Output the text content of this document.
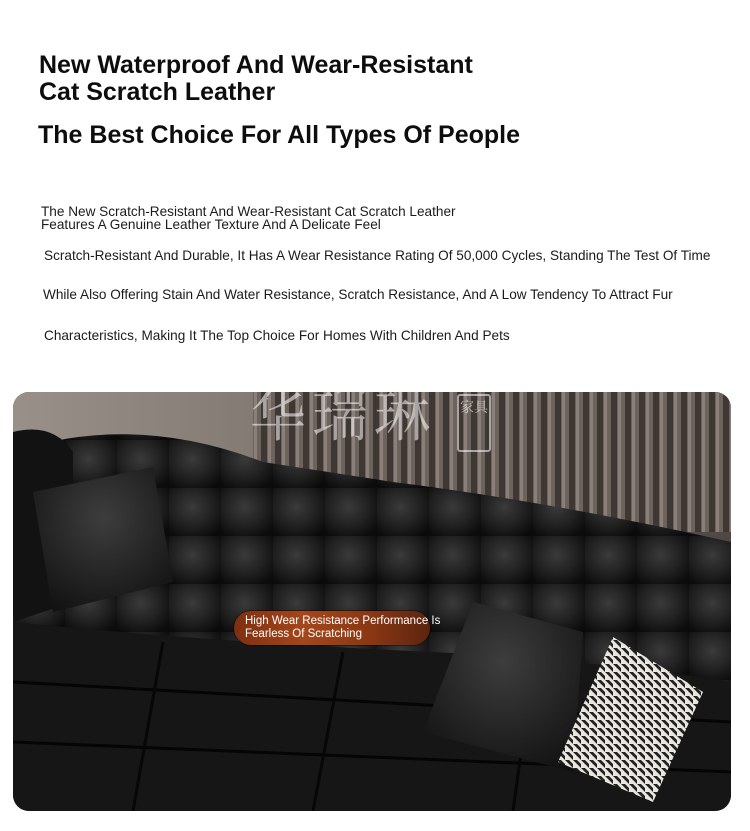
New Waterproof And Wear-Resistant
Cat Scratch Leather
The Best Choice For All Types Of People
The New Scratch-Resistant And Wear-Resistant Cat Scratch Leather
Features A Genuine Leather Texture And A Delicate Feel
Scratch-Resistant And Durable, It Has A Wear Resistance Rating Of 50,000 Cycles, Standing The Test Of Time
While Also Offering Stain And Water Resistance, Scratch Resistance, And A Low Tendency To Attract Fur
Characteristics, Making It The Top Choice For Homes With Children And Pets
华瑞琳 家具
High Wear Resistance Performance Is
Fearless Of Scratching
